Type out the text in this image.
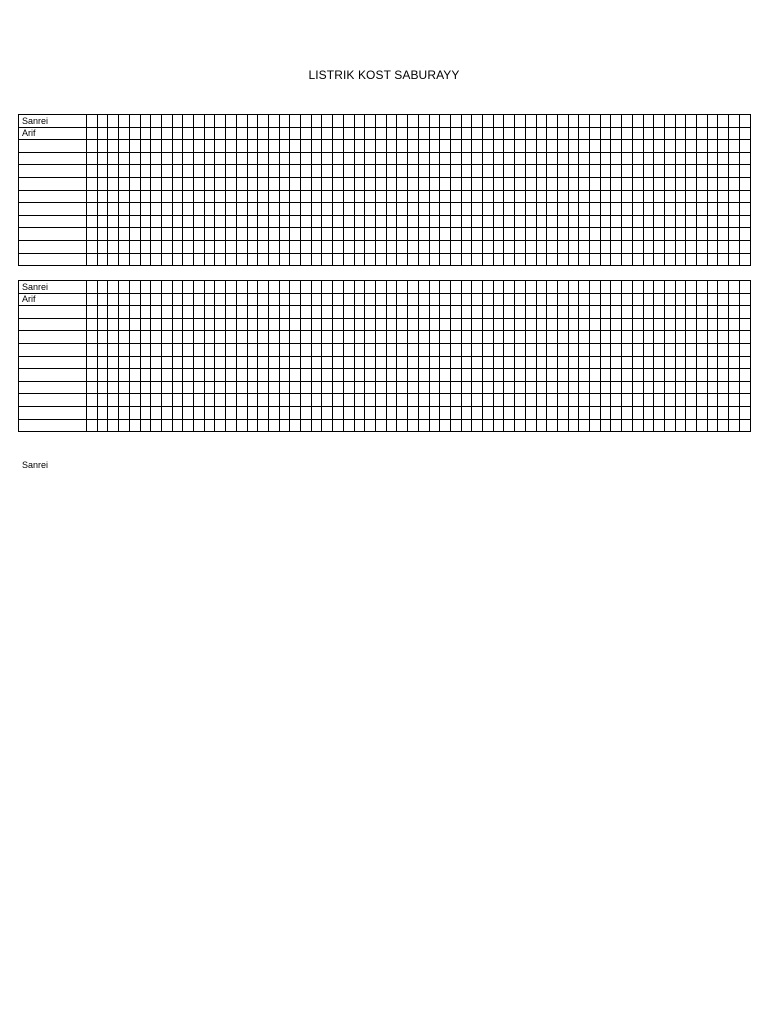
LISTRIK KOST SABURAYY
Sanrei																																																														
Arif																																																														

Sanrei																																																														
Arif																																																														

Sanrei
